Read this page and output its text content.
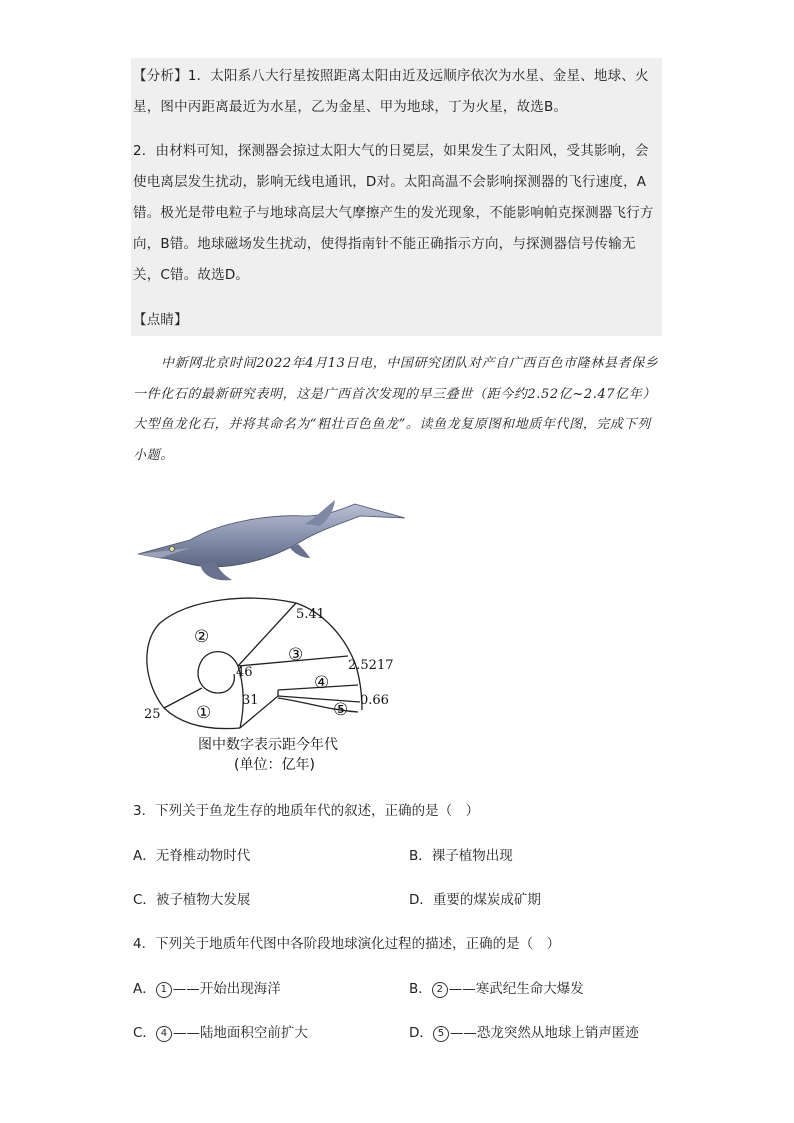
【分析】1．太阳系八大行星按照距离太阳由近及远顺序依次为水星、金星、地球、火星，图中丙距离最近为水星，乙为金星、甲为地球，丁为火星，故选B。

2．由材料可知，探测器会掠过太阳大气的日冕层，如果发生了太阳风，受其影响，会使电离层发生扰动，影响无线电通讯，D对。太阳高温不会影响探测器的飞行速度，A错。极光是带电粒子与地球高层大气摩擦产生的发光现象，不能影响帕克探测器飞行方向，B错。地球磁场发生扰动，使得指南针不能正确指示方向，与探测器信号传输无关，C错。故选D。

【点睛】

中新网北京时间2022年4月13日电，中国研究团队对产自广西百色市隆林县者保乡一件化石的最新研究表明，这是广西首次发现的早三叠世（距今约2.52亿~2.47亿年）大型鱼龙化石，并将其命名为“粗壮百色鱼龙”。读鱼龙复原图和地质年代图，完成下列小题。

5.41
2.5217
0.66
46
31
25
②
③
④
①	⑤
图中数字表示距今年代
(单位：亿年)

3．下列关于鱼龙生存的地质年代的叙述，正确的是（　）

A．无脊椎动物时代	B．裸子植物出现

C．被子植物大发展	D．重要的煤炭成矿期

4．下列关于地质年代图中各阶段地球演化过程的描述，正确的是（　）

A． 1 ——开始出现海洋	B． 2 ——寒武纪生命大爆发

C． 4 ——陆地面积空前扩大	D． 5 ——恐龙突然从地球上销声匿迹
